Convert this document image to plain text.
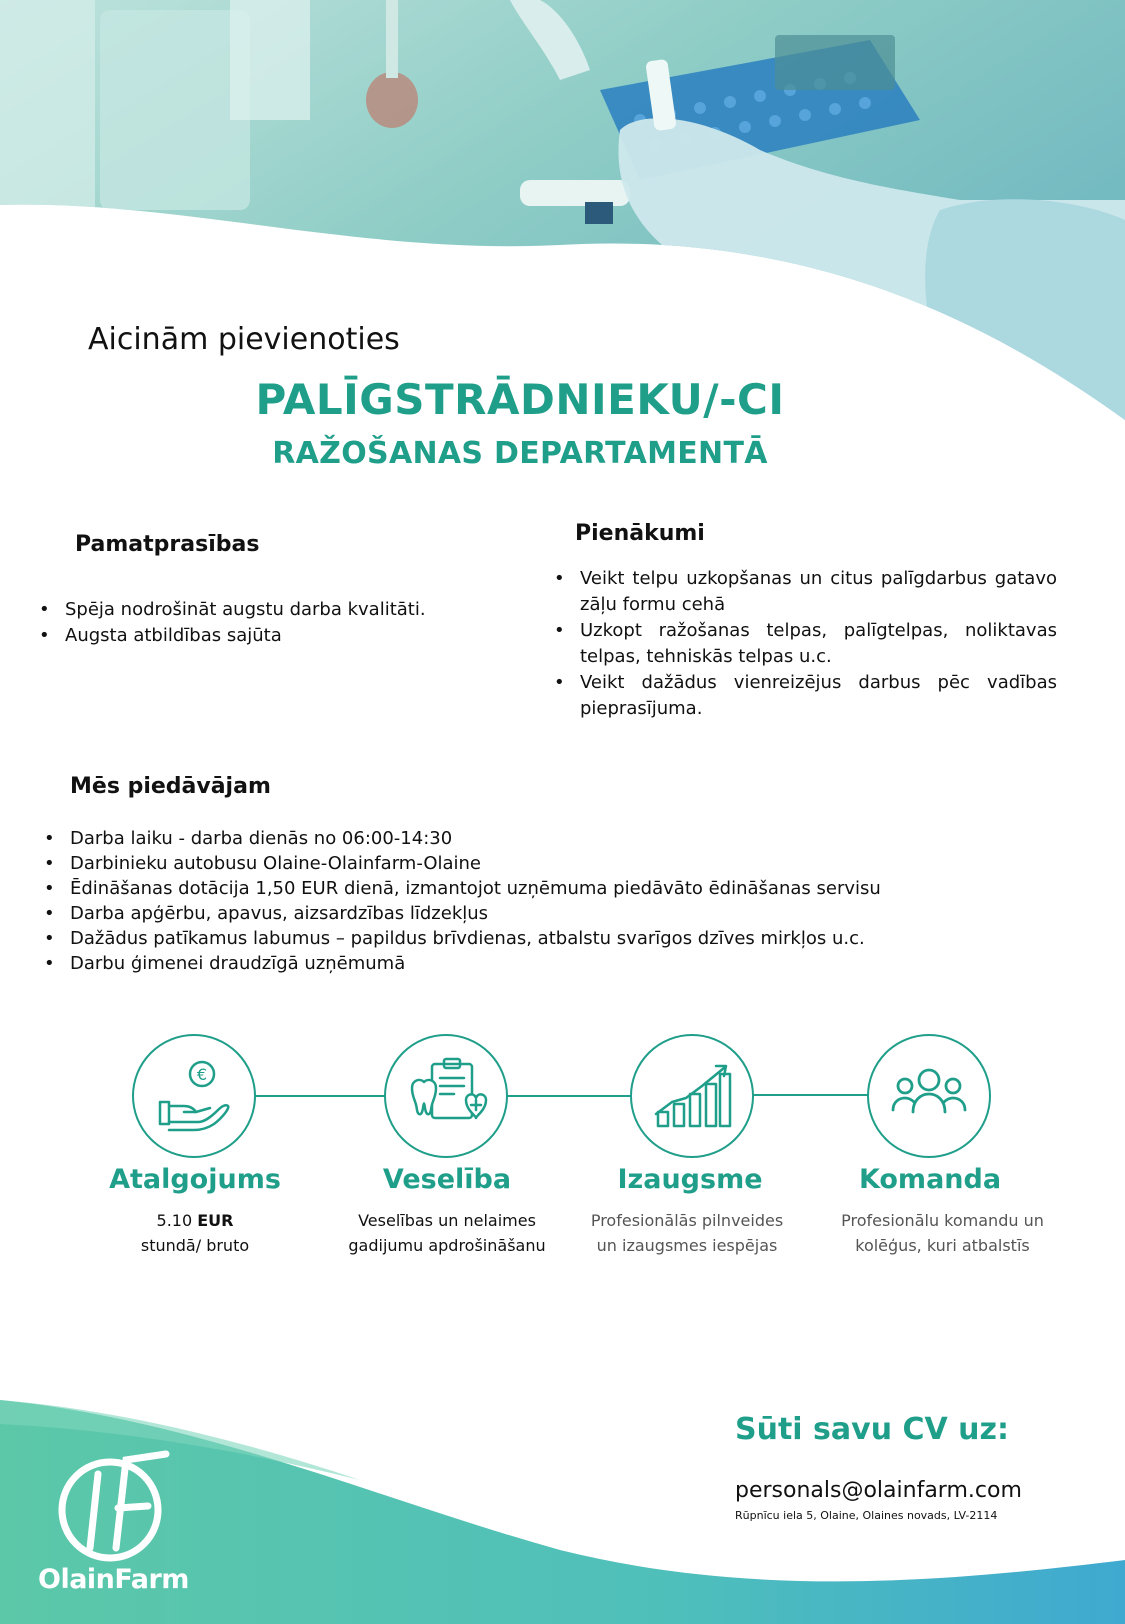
Aicinām pievienoties
PALĪGSTRĀDNIEKU/-CI
RAŽOŠANAS DEPARTAMENTĀ
Pamatprasības
• Spēja nodrošināt augstu darba kvalitāti.
• Augsta atbildības sajūta
Pienākumi
• Veikt telpu uzkopšanas un citus palīgdarbus gatavo zāļu formu cehā
• Uzkopt ražošanas telpas, palīgtelpas, noliktavas telpas, tehniskās telpas u.c.
• Veikt dažādus vienreizējus darbus pēc vadības pieprasījuma.
Mēs piedāvājam
• Darba laiku - darba dienās no 06:00-14:30
• Darbinieku autobusu Olaine-Olainfarm-Olaine
• Ēdināšanas dotācija 1,50 EUR dienā, izmantojot uzņēmuma piedāvāto ēdināšanas servisu
• Darba apģērbu, apavus, aizsardzības līdzekļus
• Dažādus patīkamus labumus – papildus brīvdienas, atbalstu svarīgos dzīves mirkļos u.c.
• Darbu ģimenei draudzīgā uzņēmumā
€
Atalgojums
5.10 EUR
stundā/ bruto
Veselība
Veselības un nelaimes
gadijumu apdrošināšanu
Izaugsme
Profesionālās pilnveides
un izaugsmes iespējas
Komanda
Profesionālu komandu un
kolēģus, kuri atbalstīs
Sūti savu CV uz:
personals@olainfarm.com
Rūpnīcu iela 5, Olaine, Olaines novads, LV-2114
OlainFarm
